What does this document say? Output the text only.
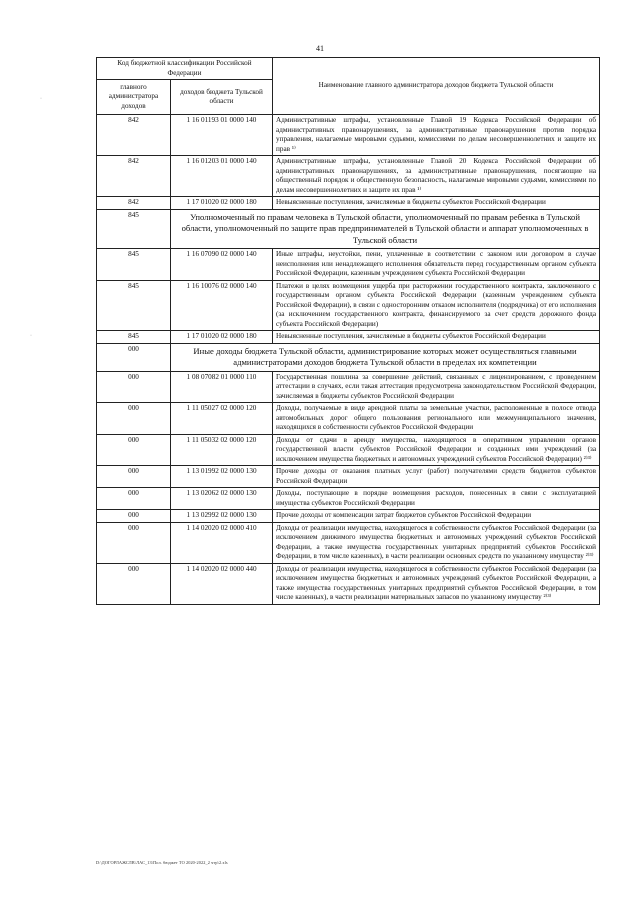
41
·
·
Код бюджетной классификации Российской Федерации		Наименование главного администратора доходов бюджета Тульской области
главного администратора доходов	доходов бюджета Тульской области	
842	1 16 01193 01 0000 140	Административные штрафы, установленные Главой 19 Кодекса Российской Федерации об административных правонарушениях, за административные правонарушения против порядка управления, налагаемые мировыми судьями, комиссиями по делам несовершеннолетних и защите их прав ¹⁾
842	1 16 01203 01 0000 140	Административные штрафы, установленные Главой 20 Кодекса Российской Федерации об административных правонарушениях, за административные правонарушения, посягающие на общественный порядок и общественную безопасность, налагаемые мировыми судьями, комиссиями по делам несовершеннолетних и защите их прав ¹⁾
842	1 17 01020 02 0000 180	Невыясненные поступления, зачисляемые в бюджеты субъектов Российской Федерации
845	Уполномоченный по правам человека в Тульской области, уполномоченный по правам ребенка в Тульской области, уполномоченный по защите прав предпринимателей в Тульской области и аппарат уполномоченных в Тульской области	
845	1 16 07090 02 0000 140	Иные штрафы, неустойки, пени, уплаченные в соответствии с законом или договором в случае неисполнения или ненадлежащего исполнения обязательств перед государственным органом субъекта Российской Федерации, казенным учреждением субъекта Российской Федерации
845	1 16 10076 02 0000 140	Платежи в целях возмещения ущерба при расторжении государственного контракта, заключенного с государственным органом субъекта Российской Федерации (казенным учреждением субъекта Российской Федерации), в связи с односторонним отказом исполнителя (подрядчика) от его исполнения (за исключением государственного контракта, финансируемого за счет средств дорожного фонда субъекта Российской Федерации)
845	1 17 01020 02 0000 180	Невыясненные поступления, зачисляемые в бюджеты субъектов Российской Федерации
000	Иные доходы бюджета Тульской области, администрирование которых может осуществляться главными администраторами доходов бюджета Тульской области в пределах их компетенции	
000	1 08 07082 01 0000 110	Государственная пошлина за совершение действий, связанных с лицензированием, с проведением аттестации в случаях, если такая аттестация предусмотрена законодательством Российской Федерации, зачисляемая в бюджеты субъектов Российской Федерации
000	1 11 05027 02 0000 120	Доходы, получаемые в виде арендной платы за земельные участки, расположенные в полосе отвода автомобильных дорог общего пользования регионального или межмуниципального значения, находящихся в собственности субъектов Российской Федерации
000	1 11 05032 02 0000 120	Доходы от сдачи в аренду имущества, находящегося в оперативном управлении органов государственной власти субъектов Российской Федерации и созданных ими учреждений (за исключением имущества бюджетных и автономных учреждений субъектов Российской Федерации) ²⁾³⁾
000	1 13 01992 02 0000 130	Прочие доходы от оказания платных услуг (работ) получателями средств бюджетов субъектов Российской Федерации
000	1 13 02062 02 0000 130	Доходы, поступающие в порядке возмещения расходов, понесенных в связи с эксплуатацией имущества субъектов Российской Федерации
000	1 13 02992 02 0000 130	Прочие доходы от компенсации затрат бюджетов субъектов Российской Федерации
000	1 14 02020 02 0000 410	Доходы от реализации имущества, находящегося в собственности субъектов Российской Федерации (за исключением движимого имущества бюджетных и автономных учреждений субъектов Российской Федерации, а также имущества государственных унитарных предприятий субъектов Российской Федерации, в том числе казенных), в части реализации основных средств по указанному имуществу ²⁾³⁾
000	1 14 02020 02 0000 440	Доходы от реализации имущества, находящегося в собственности субъектов Российской Федерации (за исключением имущества бюджетных и автономных учреждений субъектов Российской Федерации, а также имущества государственных унитарных предприятий субъектов Российской Федерации, в том числе казенных), в части реализации материальных запасов по указанному имуществу ²⁾³⁾
D:\ДОГОРЛАЖСЛВ\ЛАС_13\Пол. бюджет ТО 2020-2022_2 чтр\2.xls
